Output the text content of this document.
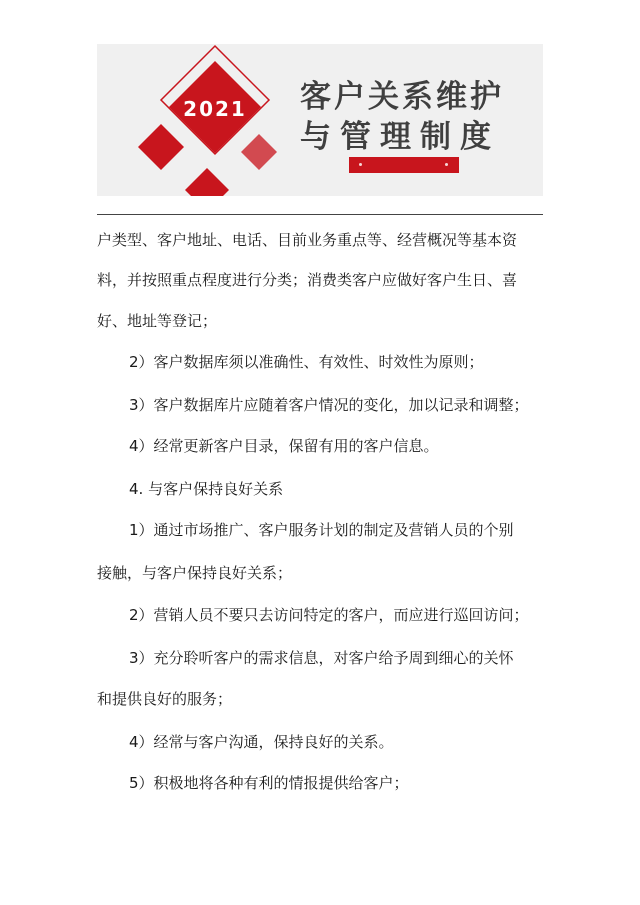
2021 客户关系维护
与管理制度
户类型、客户地址、电话、目前业务重点等、经营概况等基本资
料，并按照重点程度进行分类；消费类客户应做好客户生日、喜
好、地址等登记；
2）客户数据库须以准确性、有效性、时效性为原则；
3）客户数据库片应随着客户情况的变化，加以记录和调整；
4）经常更新客户目录，保留有用的客户信息。
4. 与客户保持良好关系
1）通过市场推广、客户服务计划的制定及营销人员的个别
接触，与客户保持良好关系；
2）营销人员不要只去访问特定的客户，而应进行巡回访问；
3）充分聆听客户的需求信息，对客户给予周到细心的关怀
和提供良好的服务；
4）经常与客户沟通，保持良好的关系。
5）积极地将各种有利的情报提供给客户；
